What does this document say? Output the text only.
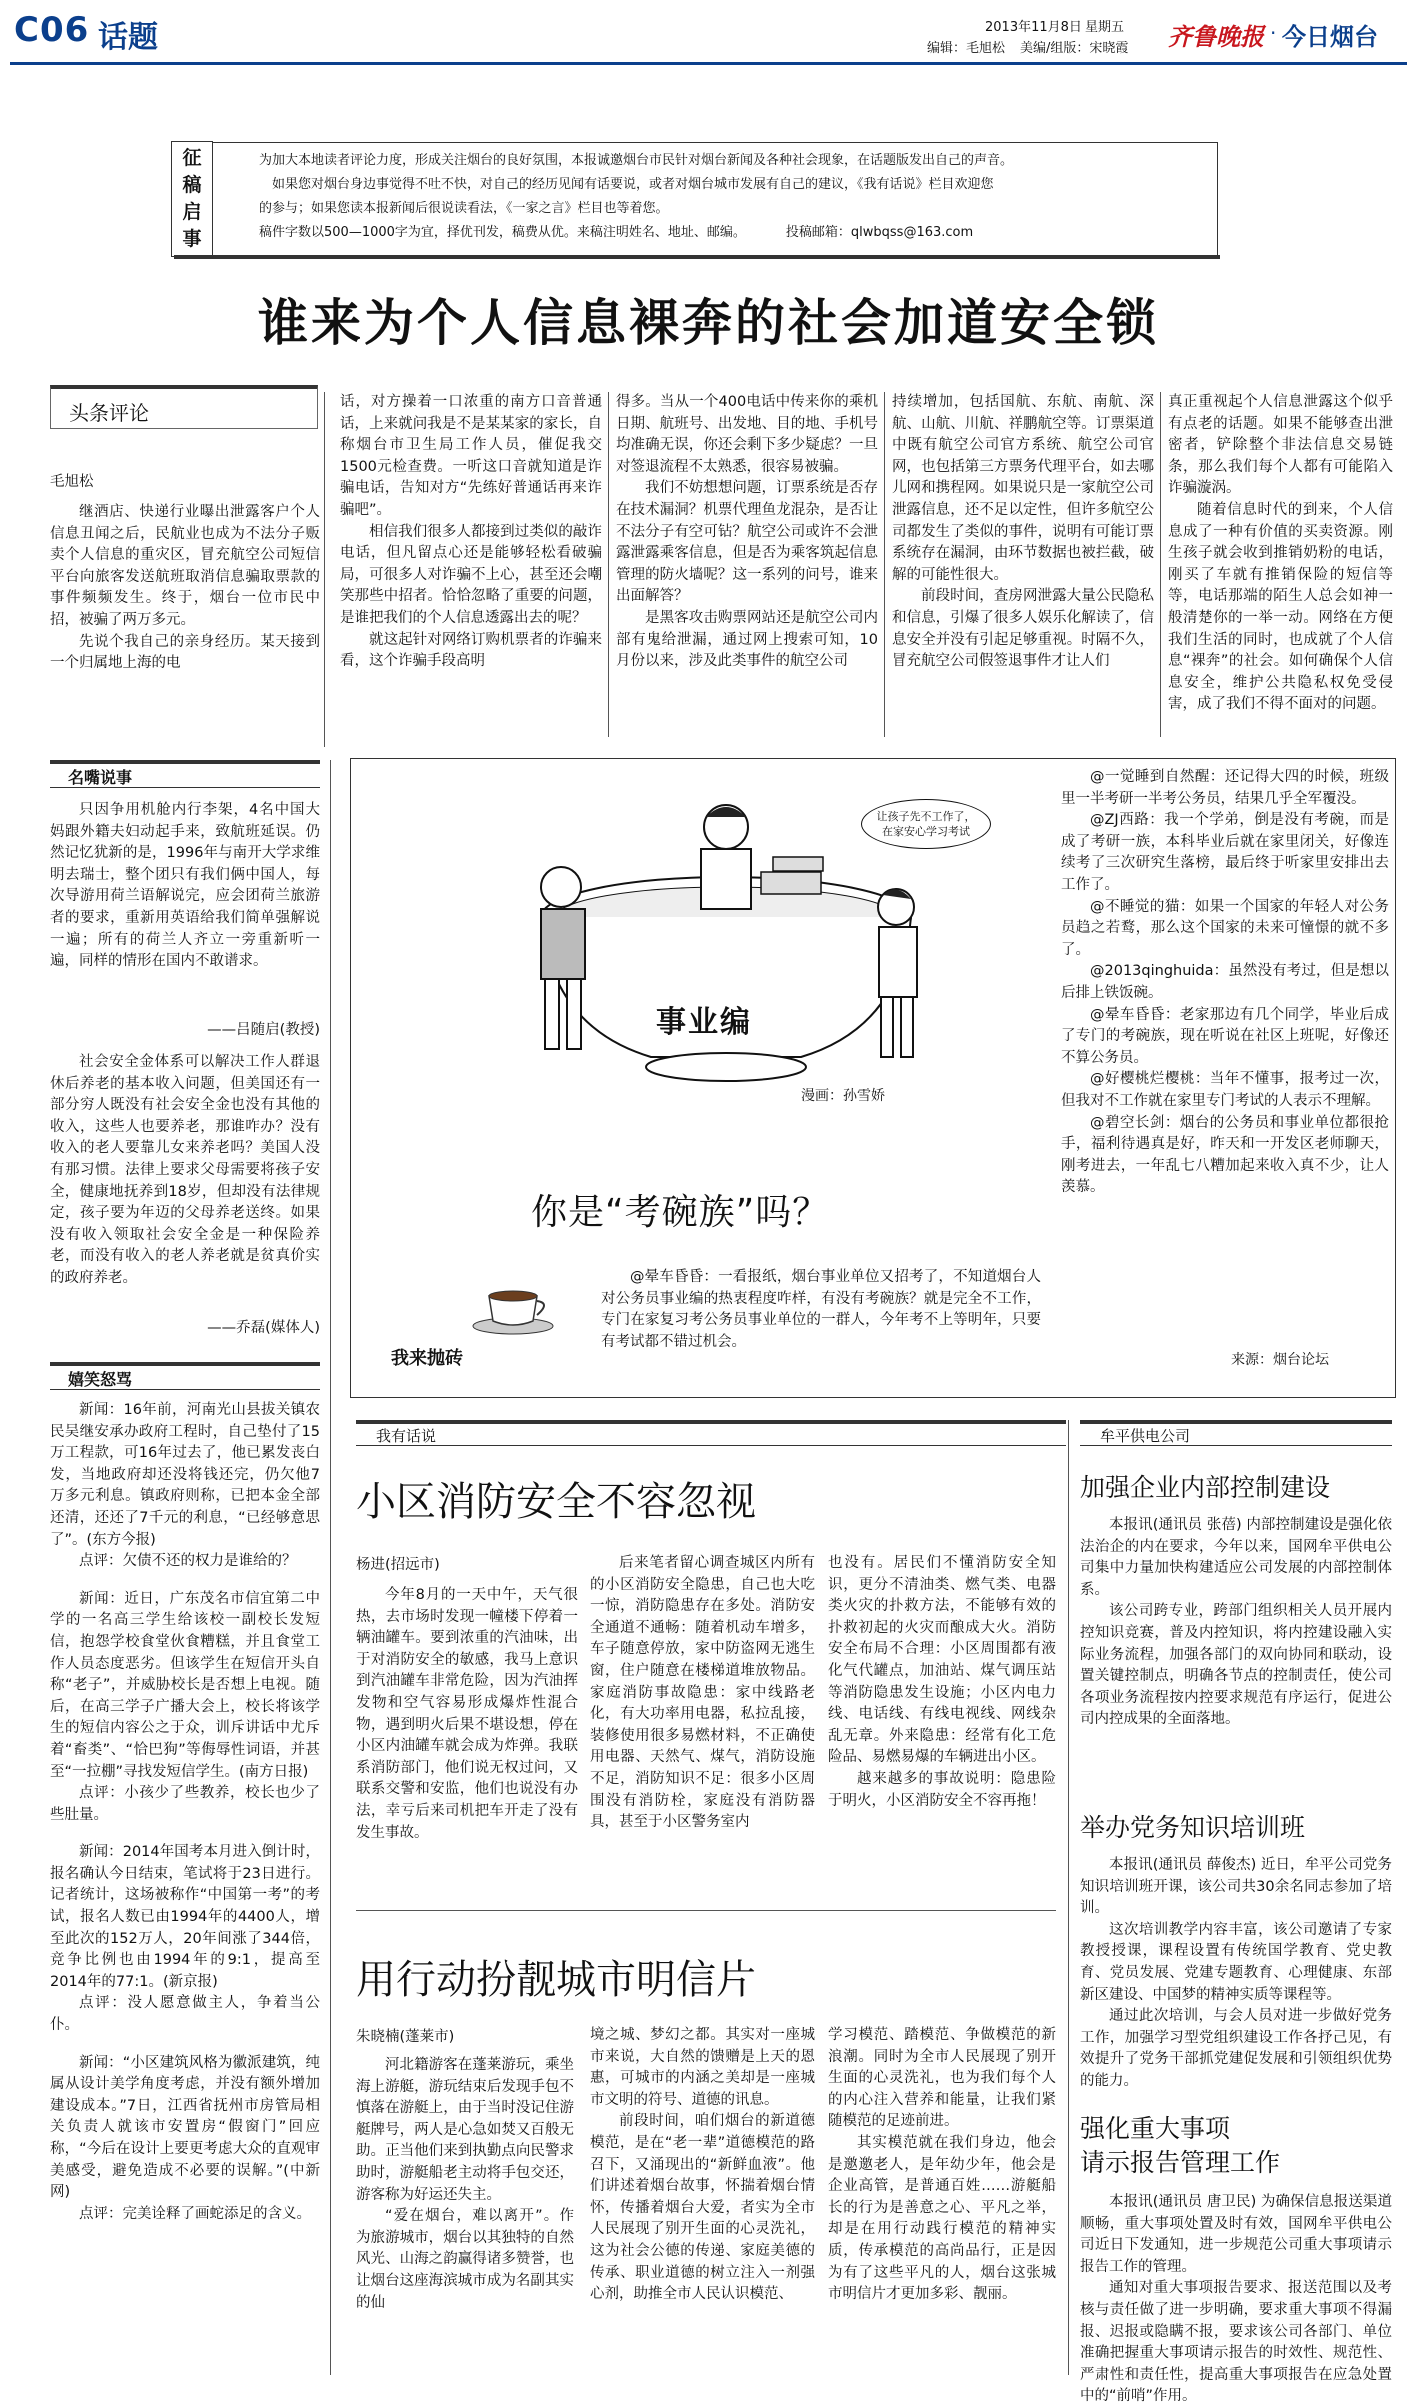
C06 话题	2013年11月8日 星期五
编辑：毛旭松 美编/组版：宋晓霞 齐鲁晚报 · 今日烟台
征
稿
启
事
为加大本地读者评论力度，形成关注烟台的良好氛围，本报诚邀烟台市民针对烟台新闻及各种社会现象，在话题版发出自己的声音。
如果您对烟台身边事觉得不吐不快，对自己的经历见闻有话要说，或者对烟台城市发展有自己的建议，《我有话说》栏目欢迎您
的参与；如果您读本报新闻后很说读看法，《一家之言》栏目也等着您。
稿件字数以500—1000字为宜，择优刊发，稿费从优。来稿注明姓名、地址、邮编。	投稿邮箱：qlwbqss@163.com
谁来为个人信息裸奔的社会加道安全锁
头条评论
毛旭松

继酒店、快递行业曝出泄露客户个人信息丑闻之后，民航业也成为不法分子贩卖个人信息的重灾区，冒充航空公司短信平台向旅客发送航班取消信息骗取票款的事件频频发生。终于，烟台一位市民中招，被骗了两万多元。

先说个我自己的亲身经历。某天接到一个归属地上海的电

名嘴说事

只因争用机舱内行李架，4名中国大妈跟外籍夫妇动起手来，致航班延误。仍然记忆犹新的是，1996年与南开大学求维明去瑞士，整个团只有我们俩中国人，每次导游用荷兰语解说完，应会团荷兰旅游者的要求，重新用英语给我们简单强解说一遍；所有的荷兰人齐立一旁重新听一遍，同样的情形在国内不敢谱求。

——吕随启(教授)

社会安全金体系可以解决工作人群退休后养老的基本收入问题，但美国还有一部分穷人既没有社会安全金也没有其他的收入，这些人也要养老，那谁咋办？没有收入的老人要靠儿女来养老吗？美国人没有那习惯。法律上要求父母需要将孩子安全，健康地抚养到18岁，但却没有法律规定，孩子要为年迈的父母养老送终。如果没有收入领取社会安全金是一种保险养老，而没有收入的老人养老就是贫真价实的政府养老。

——乔磊(媒体人)
嬉笑怒骂

新闻：16年前，河南光山县拔关镇农民吴继安承办政府工程时，自己垫付了15万工程款，可16年过去了，他已累发丧白发，当地政府却还没将钱还完，仍欠他7万多元利息。镇政府则称，已把本金全部还清，还还了7千元的利息，“已经够意思了”。(东方今报)

点评：欠债不还的权力是谁给的？

新闻：近日，广东茂名市信宜第二中学的一名高三学生给该校一副校长发短信，抱怨学校食堂伙食糟糕，并且食堂工作人员态度恶劣。但该学生在短信开头自称“老子”，并威胁校长是否想上电视。随后，在高三学子广播大会上，校长将该学生的短信内容公之于众，训斥讲话中尤斥着“畜类”、“恰巴狗”等侮辱性词语，并甚至“一拉棚”寻找发短信学生。(南方日报)

点评：小孩少了些教养，校长也少了些肚量。

新闻：2014年国考本月进入倒计时，报名确认今日结束，笔试将于23日进行。记者统计，这场被称作“中国第一考”的考试，报名人数已由1994年的4400人，增至此次的152万人，20年间涨了344倍，竞争比例也由1994年的9:1，提高至2014年的77:1。(新京报)

点评：没人愿意做主人，争着当公仆。

新闻：“小区建筑风格为徽派建筑，纯属从设计美学角度考虑，并没有额外增加建设成本。”7日，江西省抚州市房管局相关负责人就该市安置房“假窗门”回应称，“今后在设计上要更考虑大众的直观审美感受，避免造成不必要的误解。”(中新网)

点评：完美诠释了画蛇添足的含义。

话，对方操着一口浓重的南方口音普通话，上来就问我是不是某某家的家长，自称烟台市卫生局工作人员，催促我交1500元检查费。一听这口音就知道是诈骗电话，告知对方“先练好普通话再来诈骗吧”。

相信我们很多人都接到过类似的敲诈电话，但凡留点心还是能够轻松看破骗局，可很多人对诈骗不上心，甚至还会嘲笑那些中招者。恰恰忽略了重要的问题，是谁把我们的个人信息透露出去的呢？

就这起针对网络订购机票者的诈骗来看，这个诈骗手段高明

得多。当从一个400电话中传来你的乘机日期、航班号、出发地、目的地、手机号均准确无误，你还会剩下多少疑虑？一旦对签退流程不太熟悉，很容易被骗。

我们不妨想想问题，订票系统是否存在技术漏洞？机票代理鱼龙混杂，是否让不法分子有空可钻？航空公司或许不会泄露泄露乘客信息，但是否为乘客筑起信息管理的防火墙呢？这一系列的问号，谁来出面解答？

是黑客攻击购票网站还是航空公司内部有鬼给泄漏，通过网上搜索可知，10月份以来，涉及此类事件的航空公司

持续增加，包括国航、东航、南航、深航、山航、川航、祥鹏航空等。订票渠道中既有航空公司官方系统、航空公司官网，也包括第三方票务代理平台，如去哪儿网和携程网。如果说只是一家航空公司泄露信息，还不足以定性，但许多航空公司都发生了类似的事件，说明有可能订票系统存在漏洞，由环节数据也被拦截，破解的可能性很大。

前段时间，査房网泄露大量公民隐私和信息，引爆了很多人娱乐化解读了，信息安全并没有引起足够重视。时隔不久，冒充航空公司假签退事件才让人们

真正重视起个人信息泄露这个似乎有点老的话题。如果不能够查出泄密者，铲除整个非法信息交易链条，那么我们每个人都有可能陷入诈骗漩涡。

随着信息时代的到来，个人信息成了一种有价值的买卖资源。刚生孩子就会收到推销奶粉的电话，刚买了车就有推销保险的短信等等，电话那端的陌生人总会如神一般清楚你的一举一动。网络在方便我们生活的同时，也成就了个人信息“裸奔”的社会。如何确保个人信息安全，维护公共隐私权免受侵害，成了我们不得不面对的问题。

事业编
让孩子先不工作了，
在家安心学习考试
漫画：孙雪娇
你是“考碗族”吗？
我来抛砖
@晕车昏昏：一看报纸，烟台事业单位又招考了，不知道烟台人对公务员事业编的热衷程度咋样，有没有考碗族？就是完全不工作，专门在家复习考公务员事业单位的一群人，今年考不上等明年，只要有考试都不错过机会。

@一觉睡到自然醒：还记得大四的时候，班级里一半考研一半考公务员，结果几乎全军覆没。

@ZJ西路：我一个学弟，倒是没有考碗，而是成了考研一族，本科毕业后就在家里闭关，好像连续考了三次研究生落榜，最后终于听家里安排出去工作了。

@不睡觉的猫：如果一个国家的年轻人对公务员趋之若鹜，那么这个国家的未来可憧憬的就不多了。

@2013qinghuida：虽然没有考过，但是想以后排上铁饭碗。

@晕车昏昏：老家那边有几个同学，毕业后成了专门的考碗族，现在听说在社区上班呢，好像还不算公务员。

@好樱桃烂樱桃：当年不懂事，报考过一次，但我对不工作就在家里专门考试的人表示不理解。

@碧空长剑：烟台的公务员和事业单位都很抢手，福利待遇真是好，昨天和一开发区老师聊天，刚考进去，一年乱七八糟加起来收入真不少，让人羡慕。

来源：烟台论坛
我有话说
小区消防安全不容忽视
杨进(招远市)

今年8月的一天中午，天气很热，去市场时发现一幢楼下停着一辆油罐车。要到浓重的汽油味，出于对消防安全的敏感，我马上意识到汽油罐车非常危险，因为汽油挥发物和空气容易形成爆炸性混合物，遇到明火后果不堪设想，停在小区内油罐车就会成为炸弹。我联系消防部门，他们说无权过问，又联系交警和安监，他们也说没有办法，幸亏后来司机把车开走了没有发生事故。

后来笔者留心调查城区内所有的小区消防安全隐患，自己也大吃一惊，消防隐患存在多处。消防安全通道不通畅：随着机动车增多，车子随意停放，家中防盗网无逃生窗，住户随意在楼梯道堆放物品。家庭消防事故隐患：家中线路老化，有大功率用电器，私拉乱接，装修使用很多易燃材料，不正确使用电器、天然气、煤气，消防设施不足，消防知识不足：很多小区周围没有消防栓，家庭没有消防器具，甚至于小区警务室内

也没有。居民们不懂消防安全知识，更分不清油类、燃气类、电器类火灾的扑救方法，不能够有效的扑救初起的火灾而酿成大火。消防安全布局不合理：小区周围都有液化气代罐点，加油站、煤气调压站等消防隐患发生设施；小区内电力线、电话线、有线电视线、网线杂乱无章。外来隐患：经常有化工危险品、易燃易爆的车辆进出小区。

越来越多的事故说明：隐患险于明火，小区消防安全不容再拖！

用行动扮靓城市明信片
朱晓楠(蓬莱市)

河北籍游客在蓬莱游玩，乘坐海上游艇，游玩结束后发现手包不慎落在游艇上，由于当时没记住游艇牌号，两人是心急如焚又百般无助。正当他们来到执勤点向民警求助时，游艇船老主动将手包交还，游客称为好运还失主。

“爱在烟台，难以离开”。作为旅游城市，烟台以其独特的自然风光、山海之韵赢得诸多赞誉，也让烟台这座海滨城市成为名副其实的仙

境之城、梦幻之都。其实对一座城市来说，大自然的馈赠是上天的恩惠，可城市的内涵之美却是一座城市文明的符号、道德的讯息。

前段时间，咱们烟台的新道德模范，是在“老一辈”道德模范的路召下，又涌现出的“新鲜血液”。他们讲述着烟台故事，怀揣着烟台情怀，传播着烟台大爱，者实为全市人民展现了别开生面的心灵洗礼，这为社会公德的传递、家庭美德的传承、职业道德的树立注入一剂强心剂，助推全市人民认识模范、

学习模范、踏模范、争做模范的新浪潮。同时为全市人民展现了别开生面的心灵洗礼，也为我们每个人的内心注入营养和能量，让我们紧随模范的足迹前进。

其实模范就在我们身边，他会是邀邀老人，是年幼少年，他会是企业高管，是普通百姓……游艇船长的行为是善意之心、平凡之举，却是在用行动践行模范的精神实质，传承模范的高尚品行，正是因为有了这些平凡的人，烟台这张城市明信片才更加多彩、靓丽。

牟平供电公司
加强企业内部控制建设

本报讯(通讯员 张蓓) 内部控制建设是强化依法治企的内在要求，今年以来，国网牟平供电公司集中力量加快构建适应公司发展的内部控制体系。

该公司跨专业，跨部门组织相关人员开展内控知识竞赛，普及内控知识，将内控建设融入实际业务流程，加强各部门的双向协同和联动，设置关键控制点，明确各节点的控制责任，使公司各项业务流程按内控要求规范有序运行，促进公司内控成果的全面落地。

举办党务知识培训班

本报讯(通讯员 薛俊杰) 近日，牟平公司党务知识培训班开课，该公司共30余名同志参加了培训。

这次培训教学内容丰富，该公司邀请了专家教授授课，课程设置有传统国学教育、党史教育、党员发展、党建专题教育、心理健康、东部新区建设、中国梦的精神实质等课程等。

通过此次培训，与会人员对进一步做好党务工作，加强学习型党组织建设工作各抒己见，有效提升了党务干部抓党建促发展和引领组织优势的能力。

强化重大事项
请示报告管理工作

本报讯(通讯员 唐卫民) 为确保信息报送渠道顺畅，重大事项处置及时有效，国网牟平供电公司近日下发通知，进一步规范公司重大事项请示报告工作的管理。

通知对重大事项报告要求、报送范围以及考核与责任做了进一步明确，要求重大事项不得漏报、迟报或隐瞒不报，要求该公司各部门、单位准确把握重大事项请示报告的时效性、规范性、严肃性和责任性，提高重大事项报告在应急处置中的“前哨”作用。
